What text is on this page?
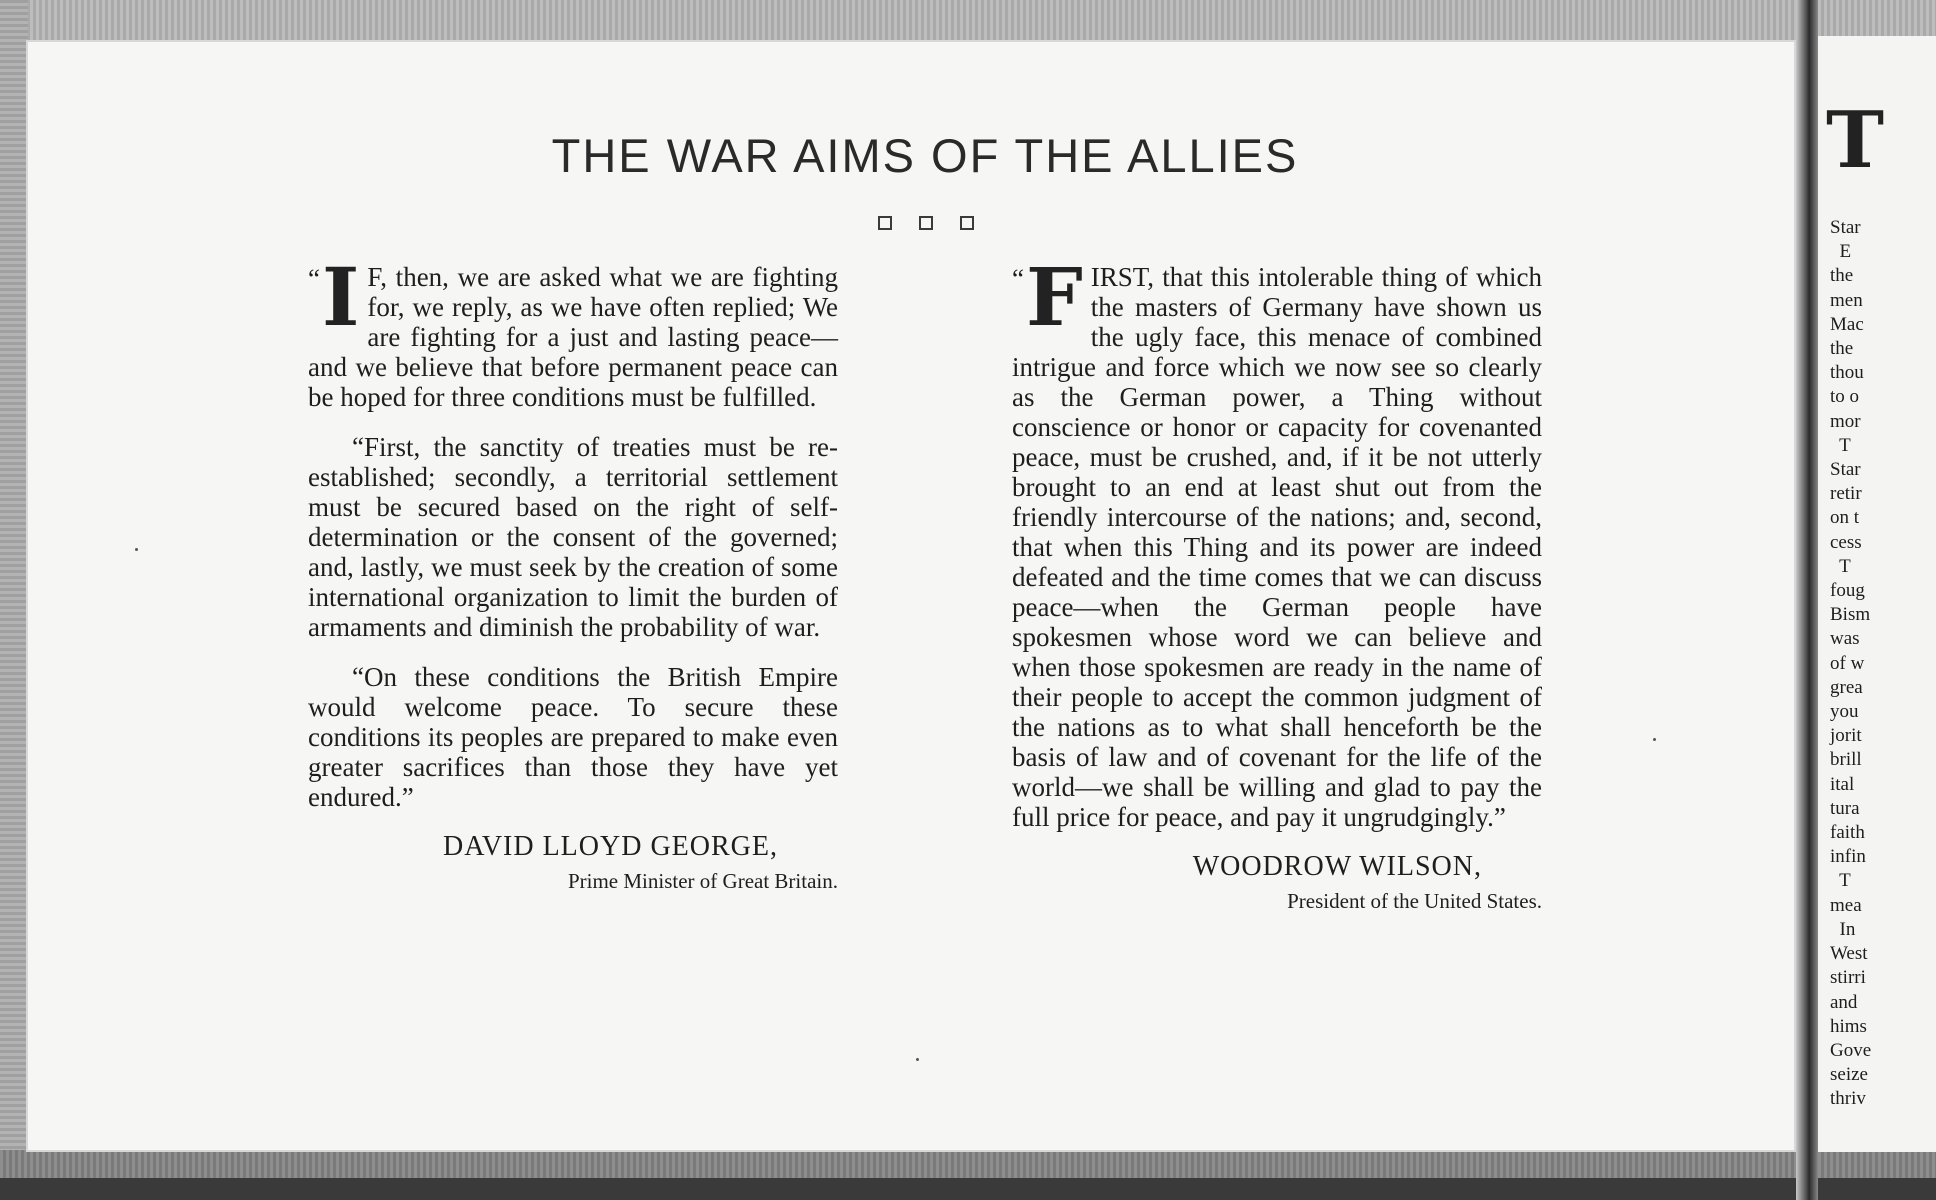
THE WAR AIMS OF THE ALLIES

“ I F, then, we are asked what we are fighting for, we reply, as we have often replied; We are fighting for a just and lasting peace—and we believe that before permanent peace can be hoped for three conditions must be fulfilled.

“First, the sanctity of treaties must be re-established; secondly, a territorial settlement must be secured based on the right of self-determination or the consent of the governed; and, lastly, we must seek by the creation of some international organization to limit the burden of armaments and diminish the probability of war.

“On these conditions the British Empire would welcome peace. To secure these conditions its peoples are prepared to make even greater sacrifices than those they have yet endured.”

DAVID LLOYD GEORGE,
Prime Minister of Great Britain.

“ F IRST, that this intolerable thing of which the masters of Germany have shown us the ugly face, this menace of combined intrigue and force which we now see so clearly as the German power, a Thing without conscience or honor or capacity for covenanted peace, must be crushed, and, if it be not utterly brought to an end at least shut out from the friendly intercourse of the nations; and, second, that when this Thing and its power are indeed defeated and the time comes that we can discuss peace—when the German people have spokesmen whose word we can believe and when those spokesmen are ready in the name of their people to accept the common judgment of the nations as to what shall henceforth be the basis of law and of covenant for the life of the world—we shall be willing and glad to pay the full price for peace, and pay it ungrudgingly.”

WOODROW WILSON,
President of the United States.
T
Star
E
the
men
Mac
the
thou
to o
mor
T
Star
retir
on t
cess
T
foug
Bism
was
of w
grea
you
jorit
brill
ital
tura
faith
infin
T
mea
In
West
stirri
and
hims
Gove
seize
thriv
